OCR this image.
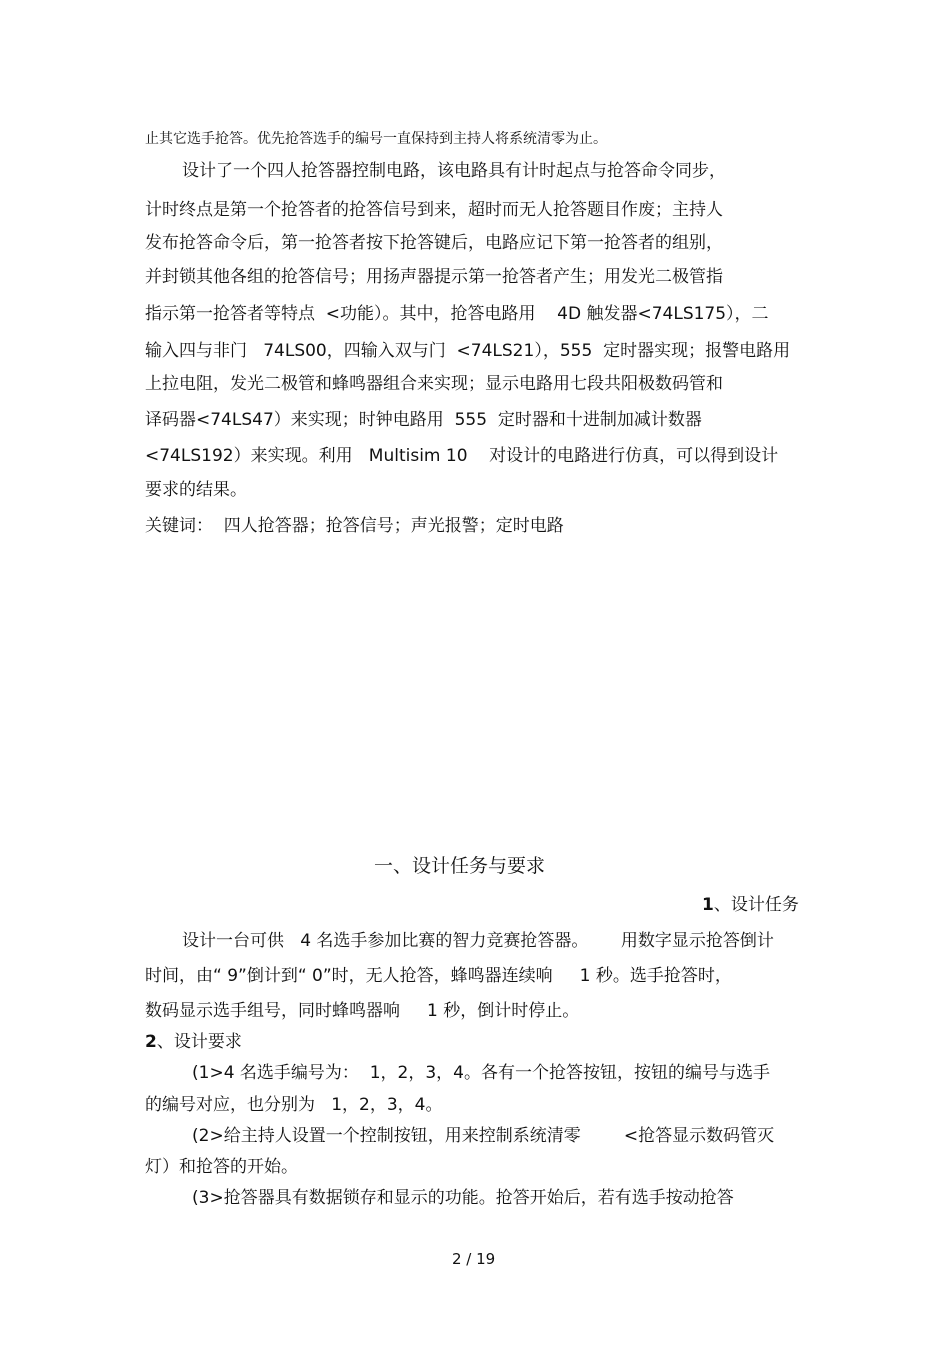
止其它选手抢答。优先抢答选手的编号一直保持到主持人将系统清零为止。
设计了一个四人抢答器控制电路，该电路具有计时起点与抢答命令同步，
计时终点是第一个抢答者的抢答信号到来，超时而无人抢答题目作废；主持人
发布抢答命令后，第一抢答者按下抢答键后，电路应记下第一抢答者的组别，
并封锁其他各组的抢答信号；用扬声器提示第一抢答者产生；用发光二极管指
指示第一抢答者等特点  <功能）。其中，抢答电路用    4D 触发器<74LS175），二
输入四与非门   74LS00，四输入双与门  <74LS21），555  定时器实现；报警电路用
上拉电阻，发光二极管和蜂鸣器组合来实现；显示电路用七段共阳极数码管和
译码器<74LS47）来实现；时钟电路用  555  定时器和十进制加减计数器
<74LS192）来实现。利用   Multisim 10    对设计的电路进行仿真，可以得到设计
要求的结果。
关键词：  四人抢答器；抢答信号；声光报警；定时电路
一、设计任务与要求
1、设计任务
设计一台可供   4 名选手参加比赛的智力竞赛抢答器。      用数字显示抢答倒计
时间，由“ 9”倒计到“ 0”时，无人抢答，蜂鸣器连续响     1 秒。选手抢答时，
数码显示选手组号，同时蜂鸣器响     1 秒，倒计时停止。
2、设计要求
(1>4 名选手编号为：  1，2，3，4。各有一个抢答按钮，按钮的编号与选手
的编号对应，也分别为   1，2，3，4。
(2>给主持人设置一个控制按钮，用来控制系统清零        <抢答显示数码管灭
灯）和抢答的开始。
(3>抢答器具有数据锁存和显示的功能。抢答开始后，若有选手按动抢答
2 / 19
